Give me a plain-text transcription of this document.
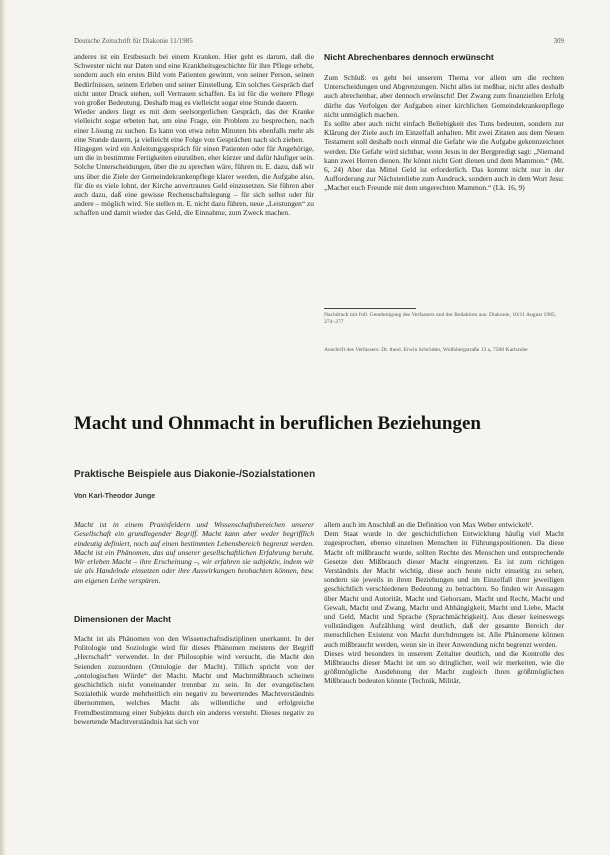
Deutsche Zeitschrift für Diakonie 11/1985	309

anderes ist ein Erstbesuch bei einem Kranken. Hier geht es darum, daß die Schwester nicht nur Daten und eine Krankheitsgeschichte für ihre Pflege erhebt, sondern auch ein erstes Bild vom Patienten gewinnt, von seiner Person, seinen Bedürfnissen, seinem Erleben und seiner Einstellung. Ein solches Gespräch darf nicht unter Druck stehen, soll Vertrauen schaffen. Es ist für die weitere Pflege von großer Bedeutung. Deshalb mag es vielleicht sogar eine Stunde dauern.

Wieder anders liegt es mit dem seelsorgerlichen Gespräch, das der Kranke vielleicht sogar erbeten hat, um eine Frage, ein Problem zu besprechen, nach einer Lösung zu suchen. Es kann von etwa zehn Minuten bis ebenfalls mehr als eine Stunde dauern, ja vielleicht eine Folge von Gesprächen nach sich ziehen.

Hingegen wird ein Anleitungsgespräch für einen Patienten oder für Angehörige, um die in bestimmte Fertigkeiten einzuüben, eher kürzer und dafür häufiger sein.

Solche Unterscheidungen, über die zu sprechen wäre, führen m. E. dazu, daß wir uns über die Ziele der Gemeindekrankenpflege klarer werden, die Aufgabe also, für die es viele lohnt, der Kirche anvertrautes Geld einzusetzen. Sie führen aber auch dazu, daß eine gewisse Rechenschaftslegung – für sich selbst oder für andere – möglich wird. Sie stellen m. E. nicht dazu führen, neue „Leistungen“ zu schaffen und damit wieder das Geld, die Einnahme, zum Zweck machen.

Nicht Abrechenbares dennoch erwünscht

Zum Schluß: es geht bei unserem Thema vor allem um die rechten Unterscheidungen und Abgrenzungen. Nicht alles ist meßbar, nicht alles deshalb auch abrechenbar, aber dennoch erwünscht! Der Zwang zum finanziellen Erfolg dürfte das Verfolgen der Aufgaben einer kirchlichen Gemeindekrankenpflege nicht unmöglich machen.

Es sollte aber auch nicht einfach Beliebigkeit des Tuns bedeuten, sondern zur Klärung der Ziele auch im Einzelfall anhalten. Mit zwei Zitaten aus dem Neuen Testament soll deshalb noch einmal die Gefahr wie die Aufgabe gekennzeichnet werden. Die Gefahr wird sichtbar, wenn Jesus in der Bergpredigt sagt: „Niemand kann zwei Herren dienen. Ihr könnt nicht Gott dienen und dem Mammon.“ (Mt. 6, 24) Aber das Mittel Geld ist erforderlich. Das kommt nicht nur in der Aufforderung zur Nächstenliebe zum Ausdruck, sondern auch in dem Wort Jesu: „Machet euch Freunde mit dem ungerechten Mammon.“ (Lk. 16, 9)

Nachdruck mit frdl. Genehmigung des Verfassers und der Redaktion aus: Diakonie, 10/11 August 1985, 274–277
Anschrift des Verfassers: Dr. theol. Erwin Schrödter, Wolfsbergstraße 13 a, 7500 Karlsruhe
Macht und Ohnmacht in beruflichen Beziehungen
Praktische Beispiele aus Diakonie-/Sozialstationen
Von Karl-Theodor Junge
Macht ist in einem Praxisfeldern und Wissenschaftsbereichen unserer Gesellschaft ein grundlegender Begriff. Macht kann aber weder begrifflich eindeutig definiert, noch auf einen bestimmten Lebensbereich begrenzt werden. Macht ist ein Phänomen, das auf unserer gesellschaftlichen Erfahrung beruht. Wir erleben Macht – ihre Erscheinung –, wir erfahren sie subjektiv, indem wir sie als Handelnde einsetzen oder ihre Auswirkungen beobachten können, bzw. am eigenen Leibe verspüren.
Dimensionen der Macht

Macht ist als Phänomen von den Wissenschaftsdisziplinen unerkannt. In der Politologie und Soziologie wird für dieses Phänomen meistens der Begriff „Herrschaft“ verwendet. In der Philosophie wird versucht, die Macht den Seienden zuzuordnen (Ontologie der Macht). Tillich spricht von der „ontologischen Würde“ der Macht. Macht und Machtmißbrauch scheinen geschichtlich nicht voneinander trennbar zu sein. In der evangelischen Sozialethik wurde mehrheitlich ein negativ zu bewertendes Machtverständnis übernommen, welches Macht als willentliche und erfolgreiche Fremdbestimmung einer Subjekts durch ein anderes versteht. Dieses negativ zu bewertende Machtverständnis hat sich vor

allem auch im Anschluß an die Definition von Max Weber entwickelt¹.

Dem Staat wurde in der geschichtlichen Entwicklung häufig viel Macht zugesprochen, ebenso einzelnen Menschen in Führungspositionen. Da diese Macht oft mißbraucht wurde, sollten Rechte des Menschen und entsprechende Gesetze den Mißbrauch dieser Macht eingrenzen. Es ist zum richtigen Verständnis der Macht wichtig, diese auch heute nicht einseitig zu sehen, sondern sie jeweils in ihren Beziehungen und im Einzelfall ihrer jeweiligen geschichtlich verschiedenen Bedeutung zu betrachten. So finden wir Aussagen über Macht und Autorität, Macht und Gehorsam, Macht und Recht, Macht und Gewalt, Macht und Zwang, Macht und Abhängigkeit, Macht und Liebe, Macht und Geld, Macht und Sprache (Sprachmächtigkeit). Aus dieser keineswegs vollständigen Aufzählung wird deutlich, daß der gesamte Bereich der menschlichen Existenz von Macht durchdrungen ist. Alle Phänomene können auch mißbraucht werden, wenn sie in ihrer Anwendung nicht begrenzt werden.

Dieses wird besonders in unserem Zeitalter deutlich, und die Kontrolle des Mißbrauchs dieser Macht ist um so dringlicher, weil wir merkeiten, wie die größtmögliche Ausdehnung der Macht zugleich ihren größtmöglichen Mißbrauch bedeuten könnte (Technik, Militär,
